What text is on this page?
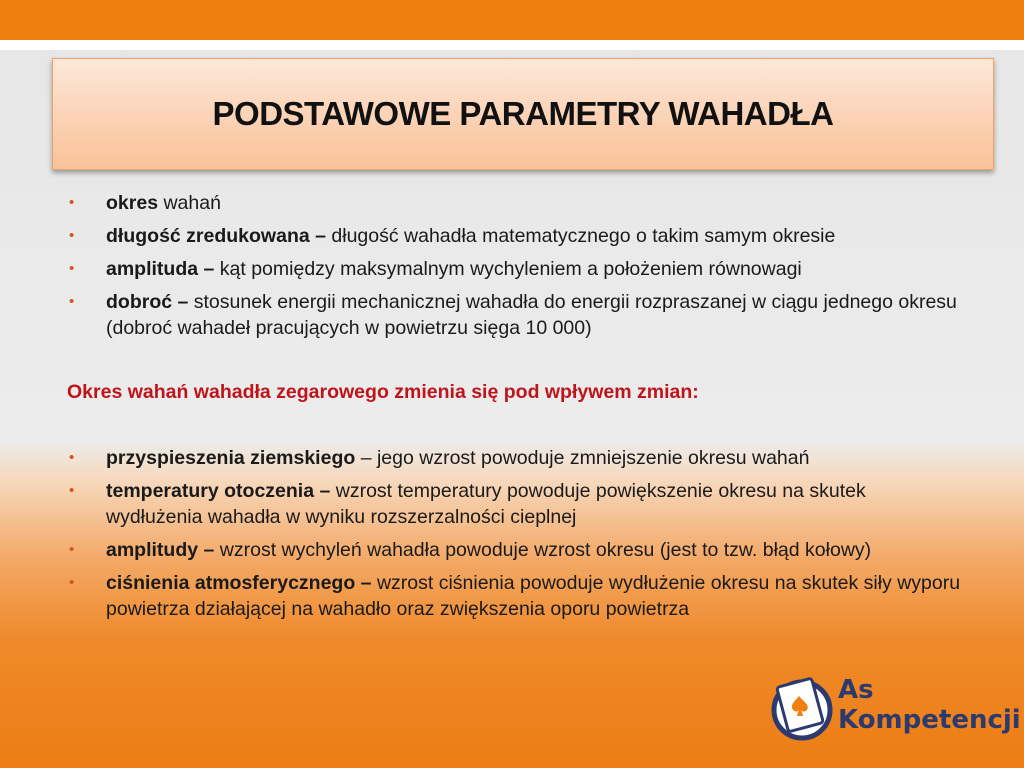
PODSTAWOWE PARAMETRY WAHADŁA
• okres wahań
• długość zredukowana – długość wahadła matematycznego o takim samym okresie
• amplituda – kąt pomiędzy maksymalnym wychyleniem a położeniem równowagi
• dobroć – stosunek energii mechanicznej wahadła do energii rozpraszanej w ciągu jednego okresu (dobroć wahadeł pracujących w powietrzu sięga 10 000)
Okres wahań wahadła zegarowego zmienia się pod wpływem zmian:
• przyspieszenia ziemskiego – jego wzrost powoduje zmniejszenie okresu wahań
• temperatury otoczenia – wzrost temperatury powoduje powiększenie okresu na skutek wydłużenia wahadła w wyniku rozszerzalności cieplnej
• amplitudy – wzrost wychyleń wahadła powoduje wzrost okresu (jest to tzw. błąd kołowy)
• ciśnienia atmosferycznego – wzrost ciśnienia powoduje wydłużenie okresu na skutek siły wyporu powietrza działającej na wahadło oraz zwiększenia oporu powietrza
As
Kompetencji
